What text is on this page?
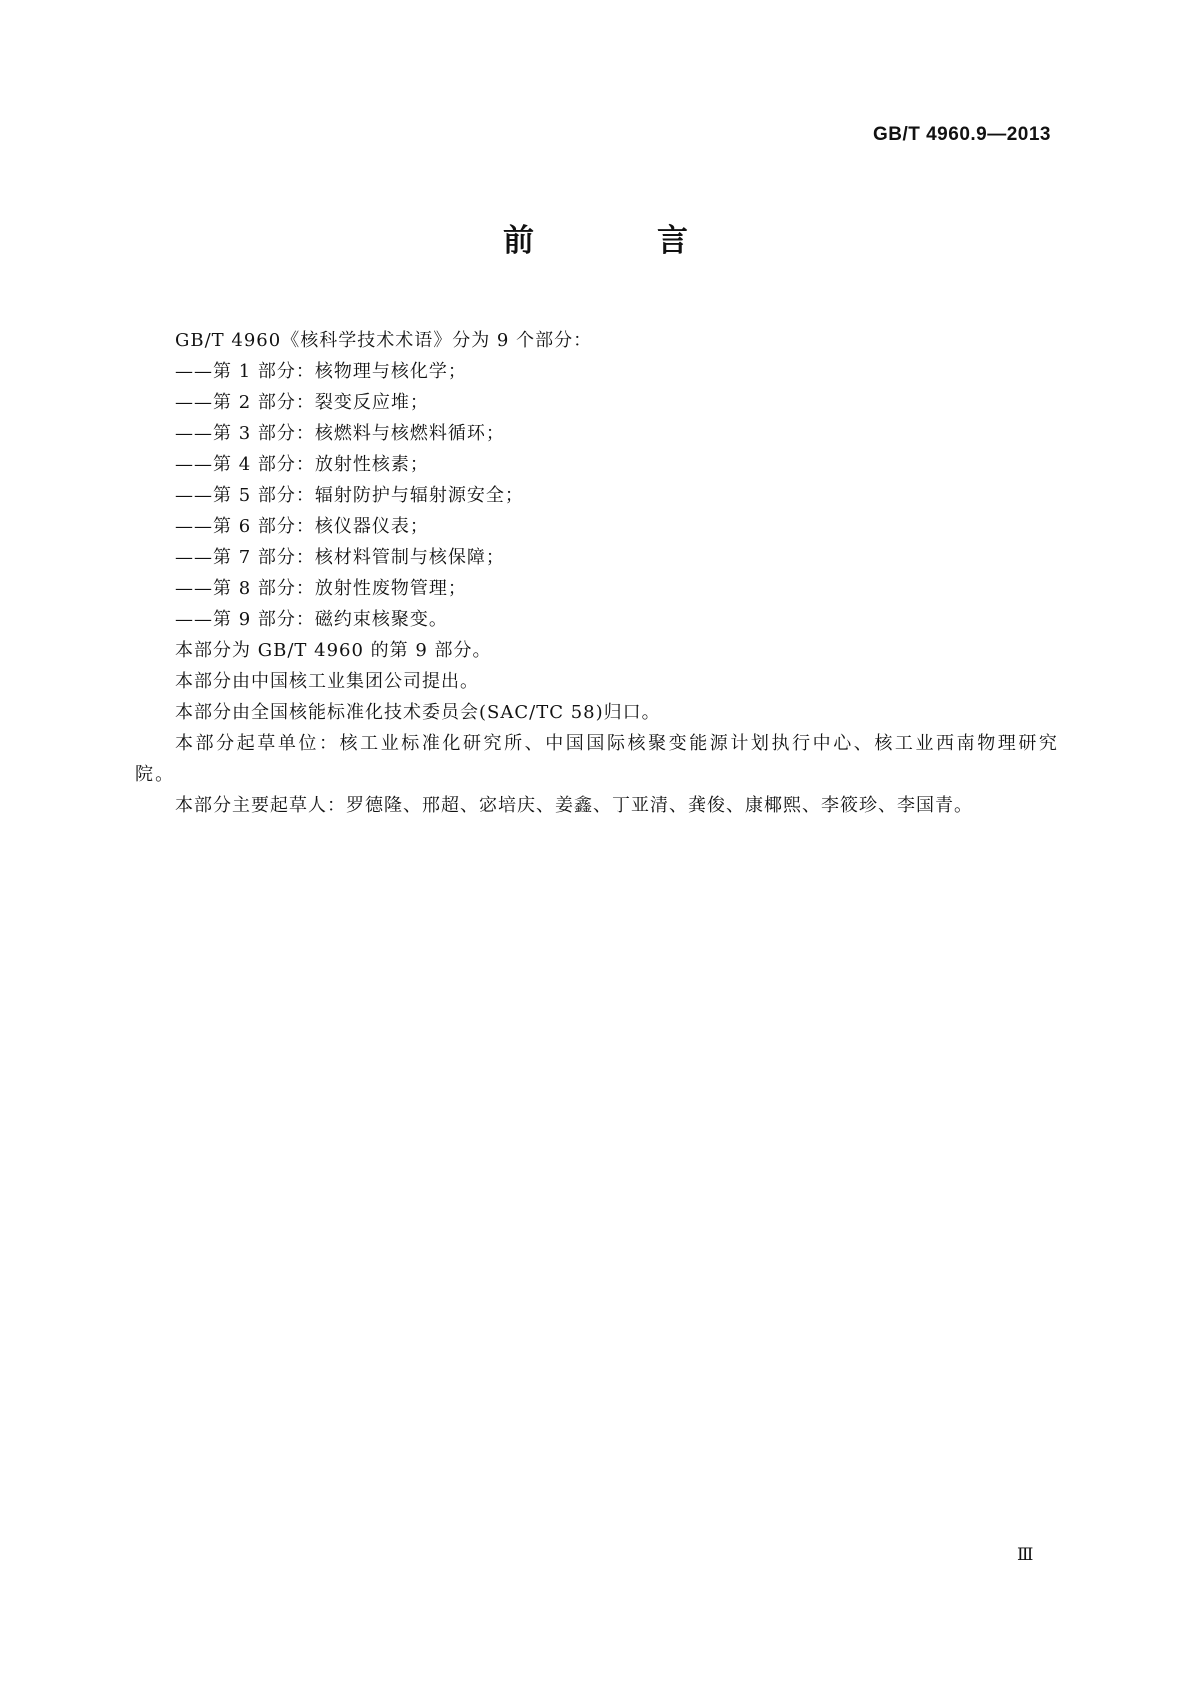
GB/T 4960.9—2013
前　言

GB/T 4960《核科学技术术语》分为 9 个部分：

——第 1 部分：核物理与核化学；
——第 2 部分：裂变反应堆；
——第 3 部分：核燃料与核燃料循环；
——第 4 部分：放射性核素；
——第 5 部分：辐射防护与辐射源安全；
——第 6 部分：核仪器仪表；
——第 7 部分：核材料管制与核保障；
——第 8 部分：放射性废物管理；
——第 9 部分：磁约束核聚变。

本部分为 GB/T 4960 的第 9 部分。

本部分由中国核工业集团公司提出。

本部分由全国核能标准化技术委员会(SAC/TC 58)归口。

本部分起草单位：核工业标准化研究所、中国国际核聚变能源计划执行中心、核工业西南物理研究院。

本部分主要起草人：罗德隆、邢超、宓培庆、姜鑫、丁亚清、龚俊、康椰熙、李筱珍、李国青。

Ⅲ
